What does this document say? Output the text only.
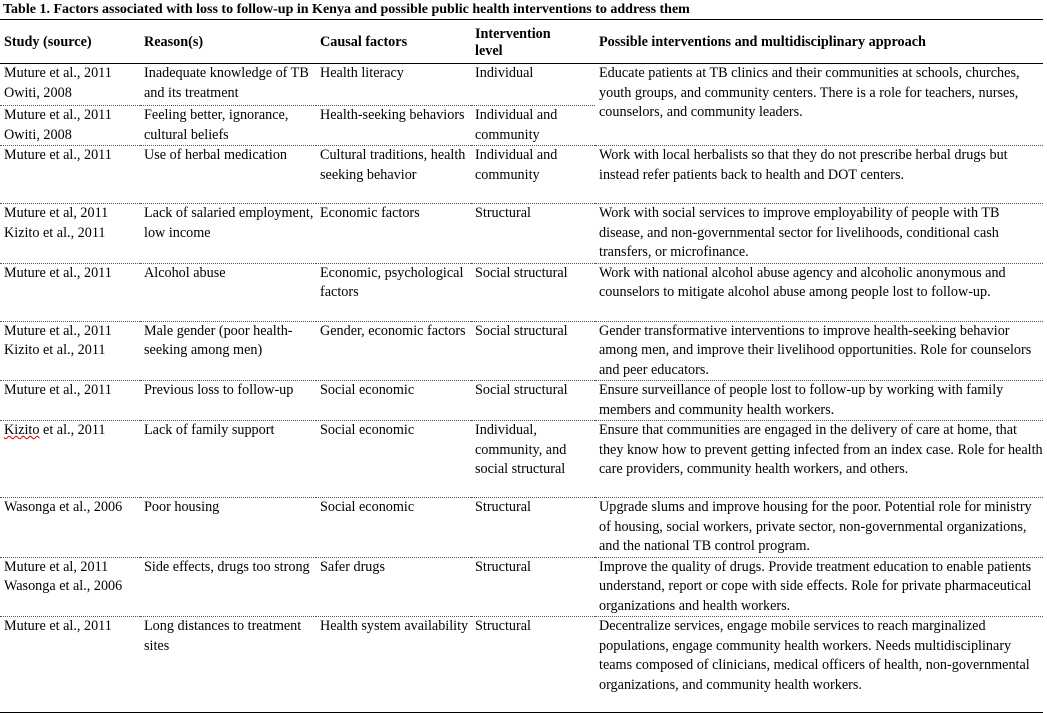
Table 1. Factors associated with loss to follow-up in Kenya and possible public health interventions to address them
Study (source)	Reason(s)	Causal factors	Intervention
level	Possible interventions and multidisciplinary approach
Muture et al., 2011
Owiti, 2008	Inadequate knowledge of TB and its treatment	Health literacy	Individual	Educate patients at TB clinics and their communities at schools, churches, youth groups, and community centers. There is a role for teachers, nurses, counselors, and community leaders.
Muture et al., 2011
Owiti, 2008	Feeling better, ignorance, cultural beliefs	Health-seeking behaviors	Individual and community	
Muture et al., 2011	Use of herbal medication	Cultural traditions, health seeking behavior	Individual and community	Work with local herbalists so that they do not prescribe herbal drugs but instead refer patients back to health and DOT centers.
Muture et al, 2011
Kizito et al., 2011	Lack of salaried employment, low income	Economic factors	Structural	Work with social services to improve employability of people with TB disease, and non-governmental sector for livelihoods, conditional cash transfers, or microfinance.
Muture et al., 2011	Alcohol abuse	Economic, psychological factors	Social structural	Work with national alcohol abuse agency and alcoholic anonymous and counselors to mitigate alcohol abuse among people lost to follow-up.
Muture et al., 2011
Kizito et al., 2011	Male gender (poor health-seeking among men)	Gender, economic factors	Social structural	Gender transformative interventions to improve health-seeking behavior among men, and improve their livelihood opportunities. Role for counselors and peer educators.
Muture et al., 2011	Previous loss to follow-up	Social economic	Social structural	Ensure surveillance of people lost to follow-up by working with family members and community health workers.
Kizito et al., 2011	Lack of family support	Social economic	Individual, community, and social structural	Ensure that communities are engaged in the delivery of care at home, that they know how to prevent getting infected from an index case. Role for health care providers, community health workers, and others.
Wasonga et al., 2006	Poor housing	Social economic	Structural	Upgrade slums and improve housing for the poor. Potential role for ministry of housing, social workers, private sector, non-governmental organizations, and the national TB control program.
Muture et al, 2011
Wasonga et al., 2006	Side effects, drugs too strong	Safer drugs	Structural	Improve the quality of drugs. Provide treatment education to enable patients understand, report or cope with side effects. Role for private pharmaceutical organizations and health workers.
Muture et al., 2011	Long distances to treatment sites	Health system availability	Structural	Decentralize services, engage mobile services to reach marginalized populations, engage community health workers. Needs multidisciplinary teams composed of clinicians, medical officers of health, non-governmental organizations, and community health workers.
